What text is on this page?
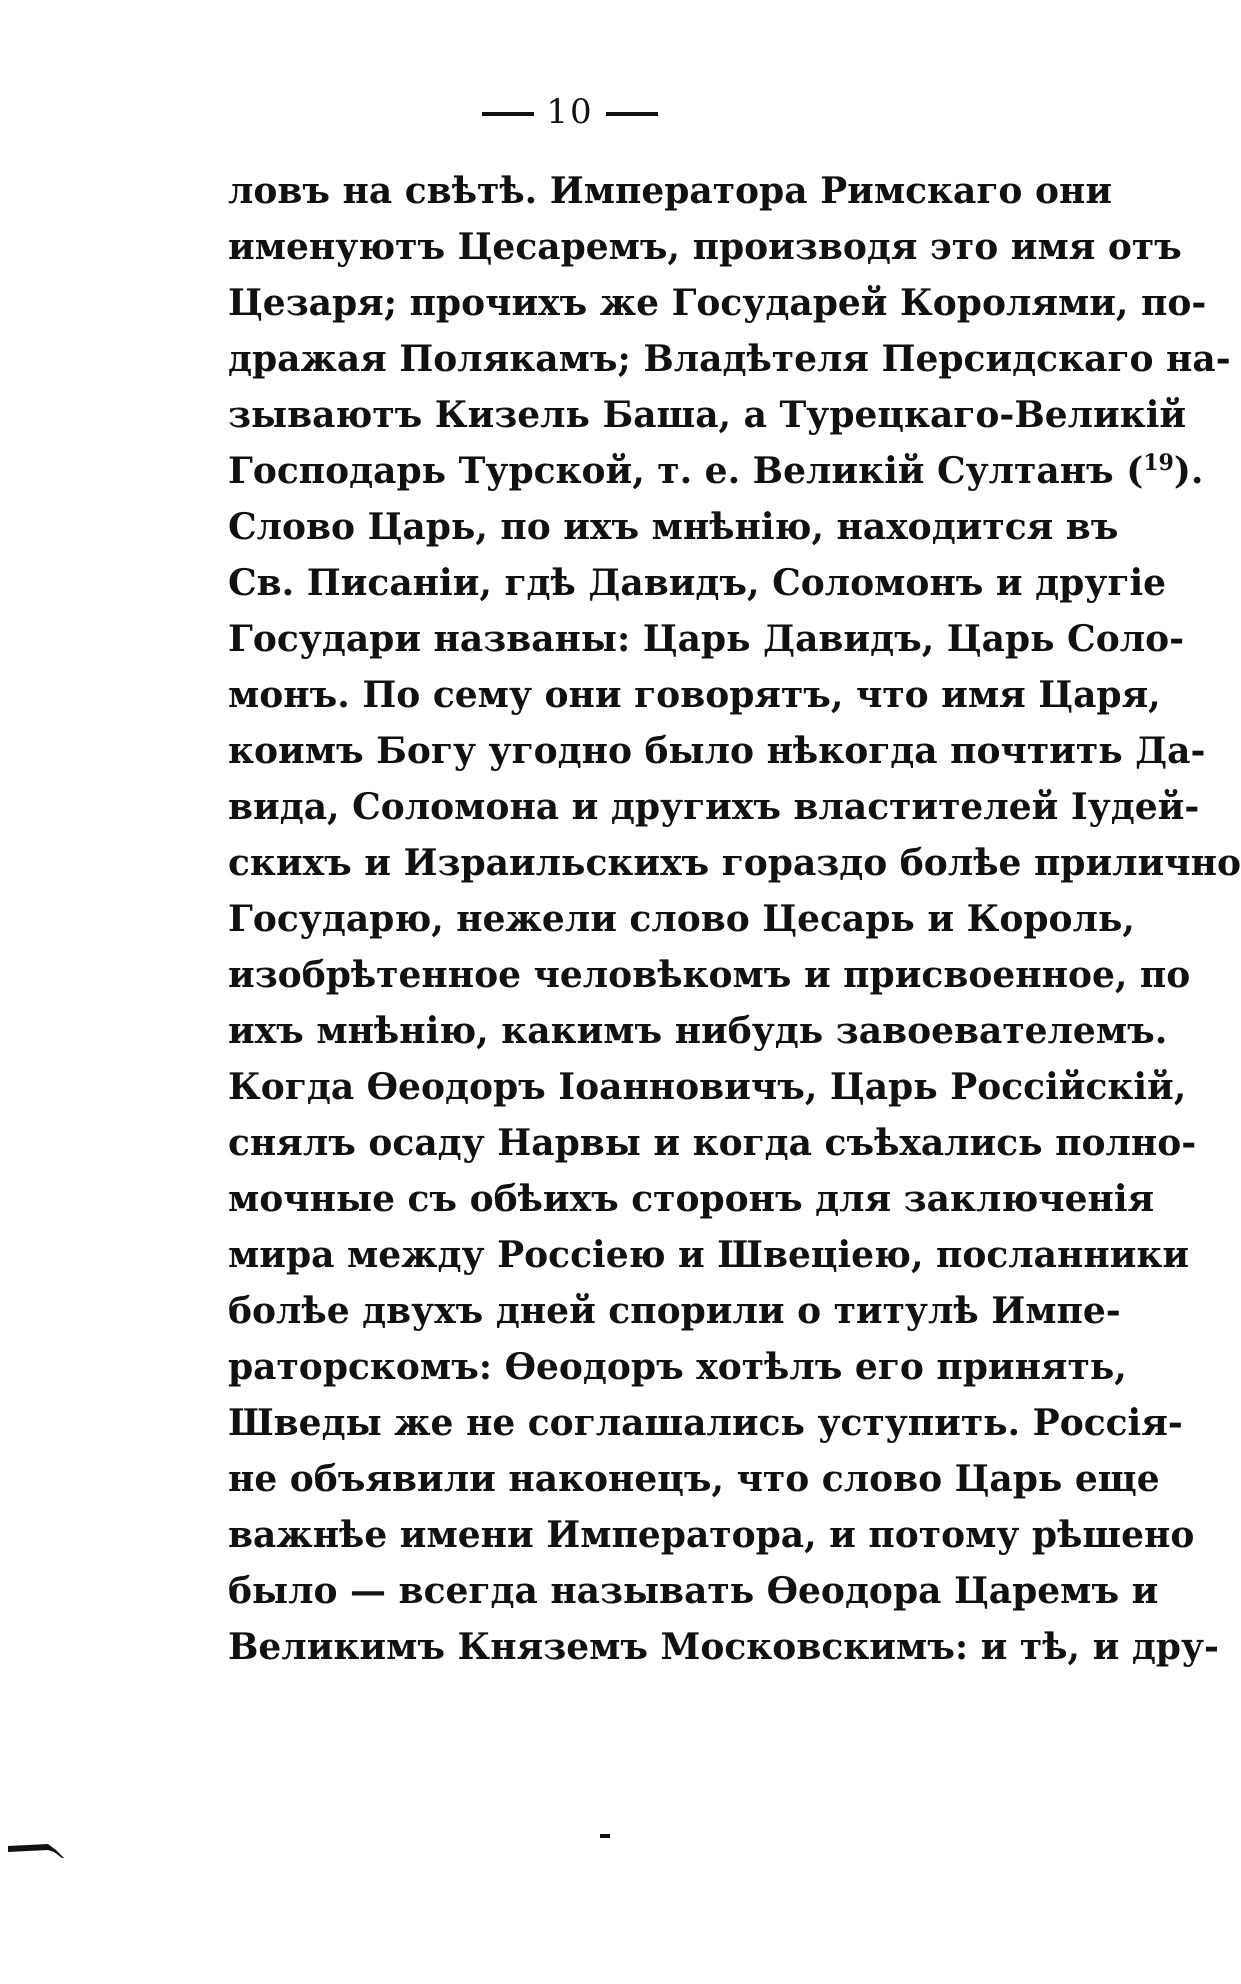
10
ловъ на свѣтѣ. Императора Римскаго они
именуютъ Цесаремъ, производя это имя отъ
Цезаря; прочихъ же Государей Королями, по-
дражая Полякамъ; Владѣтеля Персидскаго на-
зываютъ Кизель Баша, а Турецкаго-Великій
Господарь Турской, т. е. Великій Султанъ ($^{19}$).
Слово Царь, по ихъ мнѣнію, находится въ
Св. Писаніи, гдѣ Давидъ, Соломонъ и другіе
Государи названы: Царь Давидъ, Царь Соло-
монъ. По сему они говорятъ, что имя Царя,
коимъ Богу угодно было нѣкогда почтить Да-
вида, Соломона и другихъ властителей Іудей-
скихъ и Израильскихъ гораздо болѣе прилично
Государю, нежели слово Цесарь и Король,
изобрѣтенное человѣкомъ и присвоенное, по
ихъ мнѣнію, какимъ нибудь завоевателемъ.
Когда Ѳеодоръ Іоанновичъ, Царь Россійскій,
снялъ осаду Нарвы и когда съѣхались полно-
мочные съ обѣихъ сторонъ для заключенія
мира между Россіею и Швеціею, посланники
болѣе двухъ дней спорили о титулѣ Импе-
раторскомъ: Ѳеодоръ хотѣлъ его принять,
Шведы же не соглашались уступить. Россія-
не объявили наконецъ, что слово Царь еще
важнѣе имени Императора, и потому рѣшено
было — всегда называть Ѳеодора Царемъ и
Великимъ Княземъ Московскимъ: и тѣ, и дру-
